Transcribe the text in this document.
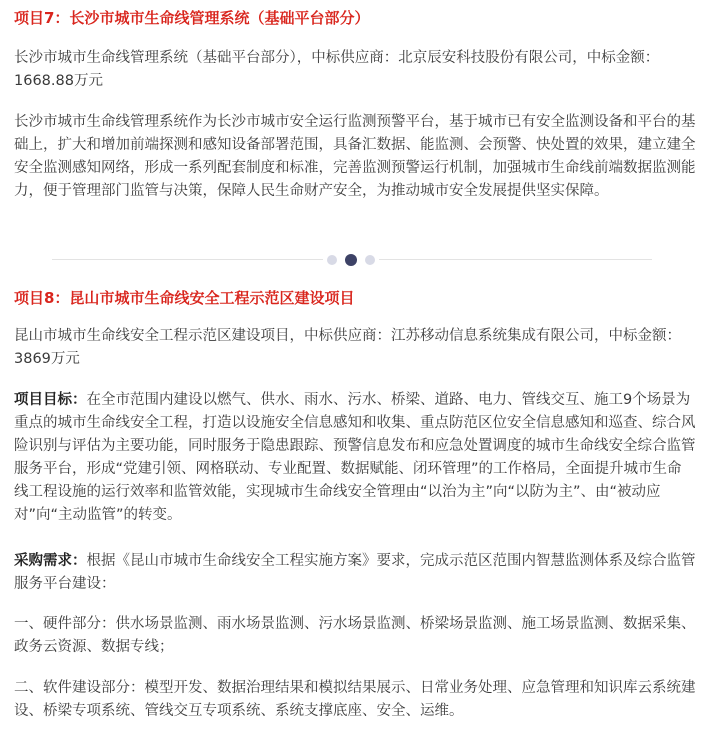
项目7：长沙市城市生命线管理系统（基础平台部分）

长沙市城市生命线管理系统（基础平台部分），中标供应商：北京辰安科技股份有限公司，中标金额：1668.88万元

长沙市城市生命线管理系统作为长沙市城市安全运行监测预警平台，基于城市已有安全监测设备和平台的基础上，扩大和增加前端探测和感知设备部署范围，具备汇数据、能监测、会预警、快处置的效果，建立建全安全监测感知网络，形成一系列配套制度和标准，完善监测预警运行机制，加强城市生命线前端数据监测能力，便于管理部门监管与决策，保障人民生命财产安全，为推动城市安全发展提供坚实保障。

项目8：昆山市城市生命线安全工程示范区建设项目

昆山市城市生命线安全工程示范区建设项目，中标供应商：江苏移动信息系统集成有限公司，中标金额：3869万元

项目目标：在全市范围内建设以燃气、供水、雨水、污水、桥梁、道路、电力、管线交互、施工9个场景为重点的城市生命线安全工程，打造以设施安全信息感知和收集、重点防范区位安全信息感知和巡查、综合风险识别与评估为主要功能，同时服务于隐患跟踪、预警信息发布和应急处置调度的城市生命线安全综合监管服务平台，形成“党建引领、网格联动、专业配置、数据赋能、闭环管理”的工作格局，全面提升城市生命线工程设施的运行效率和监管效能，实现城市生命线安全管理由“以治为主”向“以防为主”、由“被动应对”向“主动监管”的转变。

采购需求：根据《昆山市城市生命线安全工程实施方案》要求，完成示范区范围内智慧监测体系及综合监管服务平台建设：

一、硬件部分：供水场景监测、雨水场景监测、污水场景监测、桥梁场景监测、施工场景监测、数据采集、政务云资源、数据专线；

二、软件建设部分：模型开发、数据治理结果和模拟结果展示、日常业务处理、应急管理和知识库云系统建设、桥梁专项系统、管线交互专项系统、系统支撑底座、安全、运维。
